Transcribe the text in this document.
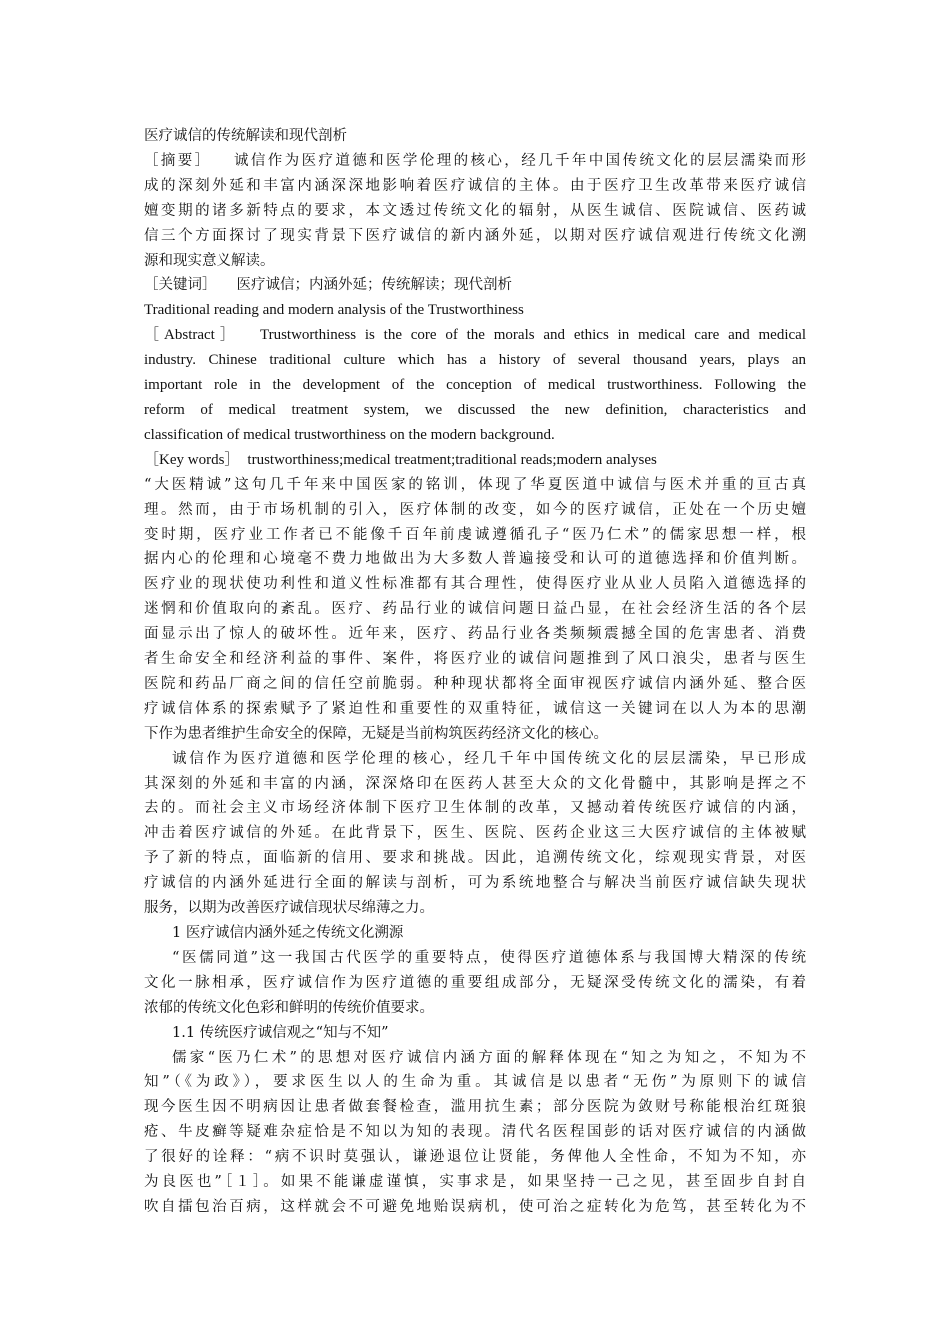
医疗诚信的传统解读和现代剖析
［摘要］ 诚信作为医疗道德和医学伦理的核心，经几千年中国传统文化的层层濡染而形
成的深刻外延和丰富内涵深深地影响着医疗诚信的主体。由于医疗卫生改革带来医疗诚信
嬗变期的诸多新特点的要求，本文透过传统文化的辐射，从医生诚信、医院诚信、医药诚
信三个方面探讨了现实背景下医疗诚信的新内涵外延，以期对医疗诚信观进行传统文化溯
源和现实意义解读。
［关键词］ 医疗诚信；内涵外延；传统解读；现代剖析
Traditional reading and modern analysis of the Trustworthiness
［Abstract］ Trustworthiness is the core of the morals and ethics in medical care and medical
industry. Chinese traditional culture which has a history of several thousand years, plays an
important role in the development of the conception of medical trustworthiness. Following the
reform of medical treatment system, we discussed the new definition, characteristics and
classification of medical trustworthiness on the modern background.
［Key words］ trustworthiness;medical treatment;traditional reads;modern analyses
“大医精诚”这句几千年来中国医家的铭训，体现了华夏医道中诚信与医术并重的亘古真
理。然而，由于市场机制的引入，医疗体制的改变，如今的医疗诚信，正处在一个历史嬗
变时期，医疗业工作者已不能像千百年前虔诚遵循孔子“医乃仁术”的儒家思想一样，根
据内心的伦理和心境毫不费力地做出为大多数人普遍接受和认可的道德选择和价值判断。
医疗业的现状使功利性和道义性标准都有其合理性，使得医疗业从业人员陷入道德选择的
迷惘和价值取向的紊乱。医疗、药品行业的诚信问题日益凸显，在社会经济生活的各个层
面显示出了惊人的破坏性。近年来，医疗、药品行业各类频频震撼全国的危害患者、消费
者生命安全和经济利益的事件、案件，将医疗业的诚信问题推到了风口浪尖，患者与医生
医院和药品厂商之间的信任空前脆弱。种种现状都将全面审视医疗诚信内涵外延、整合医
疗诚信体系的探索赋予了紧迫性和重要性的双重特征，诚信这一关键词在以人为本的思潮
下作为患者维护生命安全的保障，无疑是当前构筑医药经济文化的核心。
诚信作为医疗道德和医学伦理的核心，经几千年中国传统文化的层层濡染，早已形成
其深刻的外延和丰富的内涵，深深烙印在医药人甚至大众的文化骨髓中，其影响是挥之不
去的。而社会主义市场经济体制下医疗卫生体制的改革，又撼动着传统医疗诚信的内涵，
冲击着医疗诚信的外延。在此背景下，医生、医院、医药企业这三大医疗诚信的主体被赋
予了新的特点，面临新的信用、要求和挑战。因此，追溯传统文化，综观现实背景，对医
疗诚信的内涵外延进行全面的解读与剖析，可为系统地整合与解决当前医疗诚信缺失现状
服务，以期为改善医疗诚信现状尽绵薄之力。
1 医疗诚信内涵外延之传统文化溯源
“医儒同道”这一我国古代医学的重要特点，使得医疗道德体系与我国博大精深的传统
文化一脉相承，医疗诚信作为医疗道德的重要组成部分，无疑深受传统文化的濡染，有着
浓郁的传统文化色彩和鲜明的传统价值要求。
1.1 传统医疗诚信观之“知与不知”
儒家“医乃仁术”的思想对医疗诚信内涵方面的解释体现在“知之为知之，不知为不
知”（《为政》），要求医生以人的生命为重。其诚信是以患者“无伤”为原则下的诚信
现今医生因不明病因让患者做套餐检查，滥用抗生素；部分医院为敛财号称能根治红斑狼
疮、牛皮癣等疑难杂症恰是不知以为知的表现。清代名医程国彭的话对医疗诚信的内涵做
了很好的诠释：“病不识时莫强认，谦逊退位让贤能，务俾他人全性命，不知为不知，亦
为良医也”［１］。如果不能谦虚谨慎，实事求是，如果坚持一己之见，甚至固步自封自
吹自擂包治百病，这样就会不可避免地贻误病机，使可治之症转化为危笃，甚至转化为不
